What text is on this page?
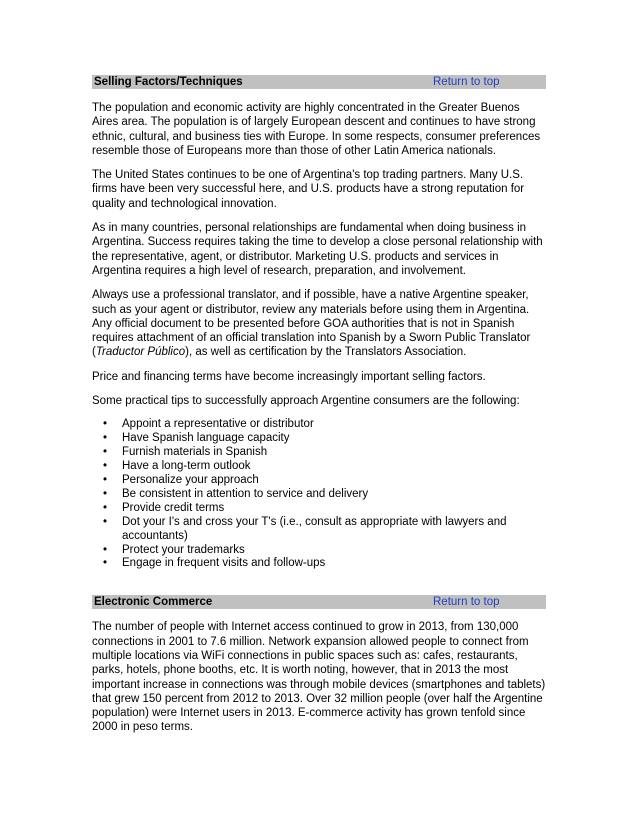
Selling Factors/Techniques	Return to top

The population and economic activity are highly concentrated in the Greater Buenos Aires area. The population is of largely European descent and continues to have strong ethnic, cultural, and business ties with Europe. In some respects, consumer preferences resemble those of Europeans more than those of other Latin America nationals.

The United States continues to be one of Argentina's top trading partners. Many U.S. firms have been very successful here, and U.S. products have a strong reputation for quality and technological innovation.

As in many countries, personal relationships are fundamental when doing business in Argentina. Success requires taking the time to develop a close personal relationship with the representative, agent, or distributor. Marketing U.S. products and services in Argentina requires a high level of research, preparation, and involvement.

Always use a professional translator, and if possible, have a native Argentine speaker, such as your agent or distributor, review any materials before using them in Argentina. Any official document to be presented before GOA authorities that is not in Spanish requires attachment of an official translation into Spanish by a Sworn Public Translator (Traductor Público), as well as certification by the Translators Association.

Price and financing terms have become increasingly important selling factors.

Some practical tips to successfully approach Argentine consumers are the following:

• Appoint a representative or distributor
• Have Spanish language capacity
• Furnish materials in Spanish
• Have a long-term outlook
• Personalize your approach
• Be consistent in attention to service and delivery
• Provide credit terms
• Dot your I's and cross your T's (i.e., consult as appropriate with lawyers and accountants)
• Protect your trademarks
• Engage in frequent visits and follow-ups
Electronic Commerce	Return to top

The number of people with Internet access continued to grow in 2013, from 130,000 connections in 2001 to 7.6 million. Network expansion allowed people to connect from multiple locations via WiFi connections in public spaces such as: cafes, restaurants, parks, hotels, phone booths, etc. It is worth noting, however, that in 2013 the most important increase in connections was through mobile devices (smartphones and tablets) that grew 150 percent from 2012 to 2013. Over 32 million people (over half the Argentine population) were Internet users in 2013. E-commerce activity has grown tenfold since 2000 in peso terms.
